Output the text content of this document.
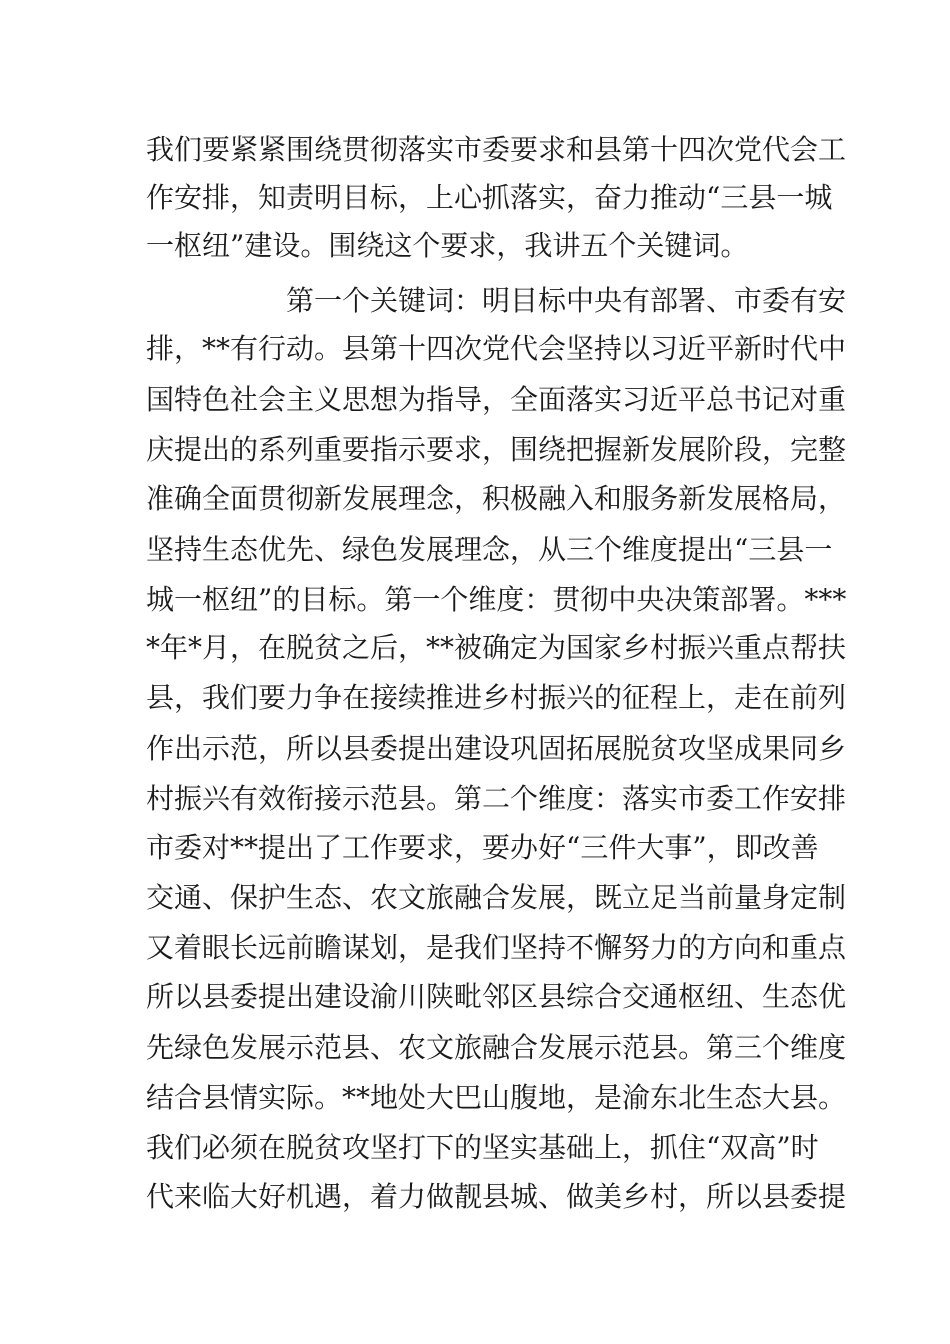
我们要紧紧围绕贯彻落实市委要求和县第十四次党代会工
作安排，知责明目标，上心抓落实，奋力推动“三县一城
一枢纽”建设。围绕这个要求，我讲五个关键词。
第一个关键词：明目标中央有部署、市委有安
排，**有行动。县第十四次党代会坚持以习近平新时代中
国特色社会主义思想为指导，全面落实习近平总书记对重
庆提出的系列重要指示要求，围绕把握新发展阶段，完整
准确全面贯彻新发展理念，积极融入和服务新发展格局，
坚持生态优先、绿色发展理念，从三个维度提出“三县一
城一枢纽”的目标。第一个维度：贯彻中央决策部署。***
*年*月，在脱贫之后，**被确定为国家乡村振兴重点帮扶
县，我们要力争在接续推进乡村振兴的征程上，走在前列
作出示范，所以县委提出建设巩固拓展脱贫攻坚成果同乡
村振兴有效衔接示范县。第二个维度：落实市委工作安排
市委对**提出了工作要求，要办好“三件大事”，即改善
交通、保护生态、农文旅融合发展，既立足当前量身定制
又着眼长远前瞻谋划，是我们坚持不懈努力的方向和重点
所以县委提出建设渝川陕毗邻区县综合交通枢纽、生态优
先绿色发展示范县、农文旅融合发展示范县。第三个维度
结合县情实际。**地处大巴山腹地，是渝东北生态大县。
我们必须在脱贫攻坚打下的坚实基础上，抓住“双高”时
代来临大好机遇，着力做靓县城、做美乡村，所以县委提
